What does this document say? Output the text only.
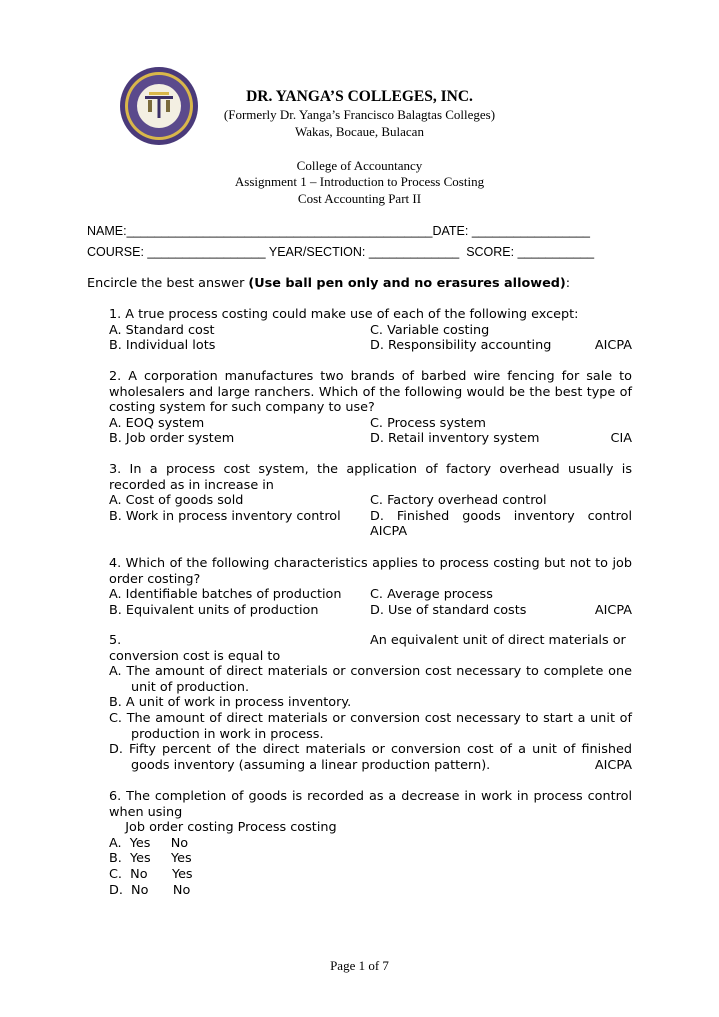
DR. YANGA’S COLLEGES, INC.
(Formerly Dr. Yanga’s Francisco Balagtas Colleges)
Wakas, Bocaue, Bulacan
College of Accountancy
Assignment 1 – Introduction to Process Costing
Cost Accounting Part II
NAME:____________________________________________DATE: _________________
COURSE: _________________ YEAR/SECTION: _____________  SCORE: ___________
Encircle the best answer (Use ball pen only and no erasures allowed):
1. A true process costing could make use of each of the following except:
A. Standard cost	C. Variable costing
B. Individual lots	D. Responsibility accounting	AICPA
2. A corporation manufactures two brands of barbed wire fencing for sale to wholesalers and large ranchers. Which of the following would be the best type of costing system for such company to use?
A. EOQ system	C. Process system
B. Job order system	D. Retail inventory system	CIA
3. In a process cost system, the application of factory overhead usually is recorded as in increase in
A. Cost of goods sold	C. Factory overhead control
B. Work in process inventory control D. Finished goods inventory control
AICPA
4. Which of the following characteristics applies to process costing but not to job order costing?
A. Identifiable batches of production C. Average process
B. Equivalent units of production	D. Use of standard costs	AICPA
5.	An equivalent unit of direct materials or
conversion cost is equal to
A. The amount of direct materials or conversion cost necessary to complete one unit of production.
B. A unit of work in process inventory.
C. The amount of direct materials or conversion cost necessary to start a unit of production in work in process.
D. Fifty percent of the direct materials or conversion cost of a unit of finished goods inventory (assuming a linear production pattern).	AICPA
6. The completion of goods is recorded as a decrease in work in process control when using
Job order costing Process costing
A.  Yes     No
B.  Yes     Yes
C.  No      Yes
D.  No      No
Page 1 of 7
